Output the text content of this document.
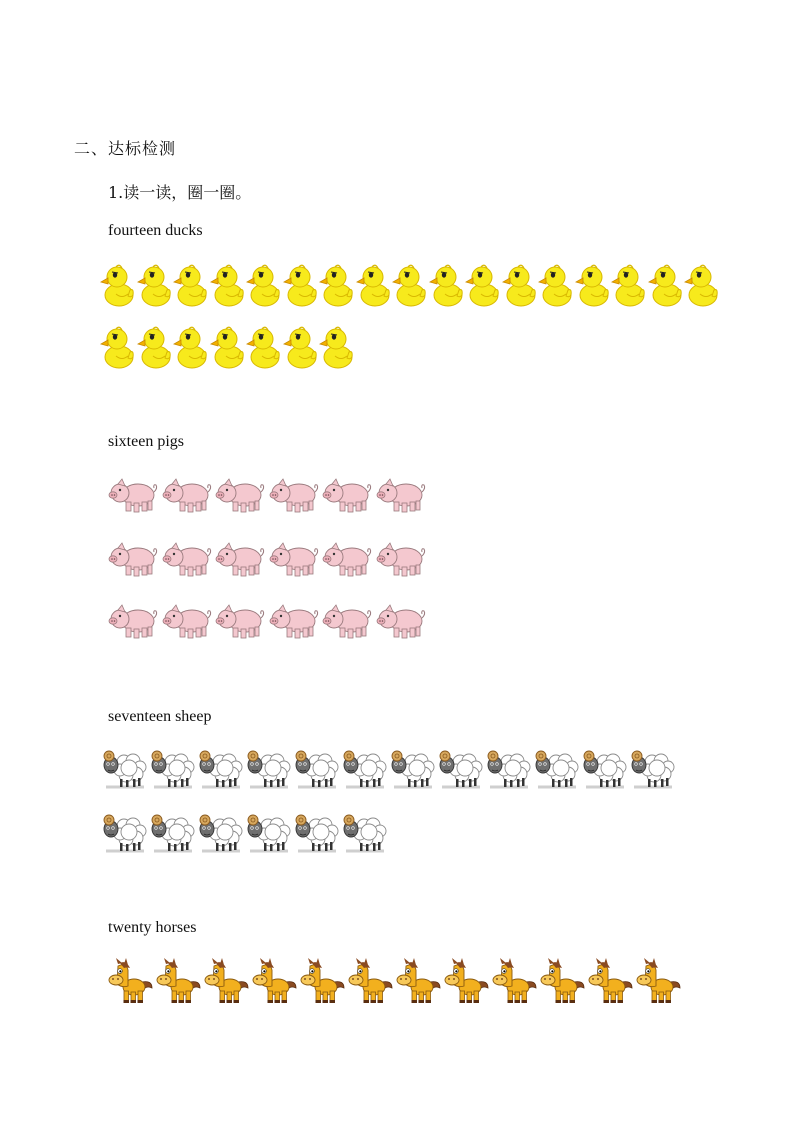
二、达标检测
1.读一读，圈一圈。
fourteen ducks
sixteen pigs
seventeen sheep
twenty horses
